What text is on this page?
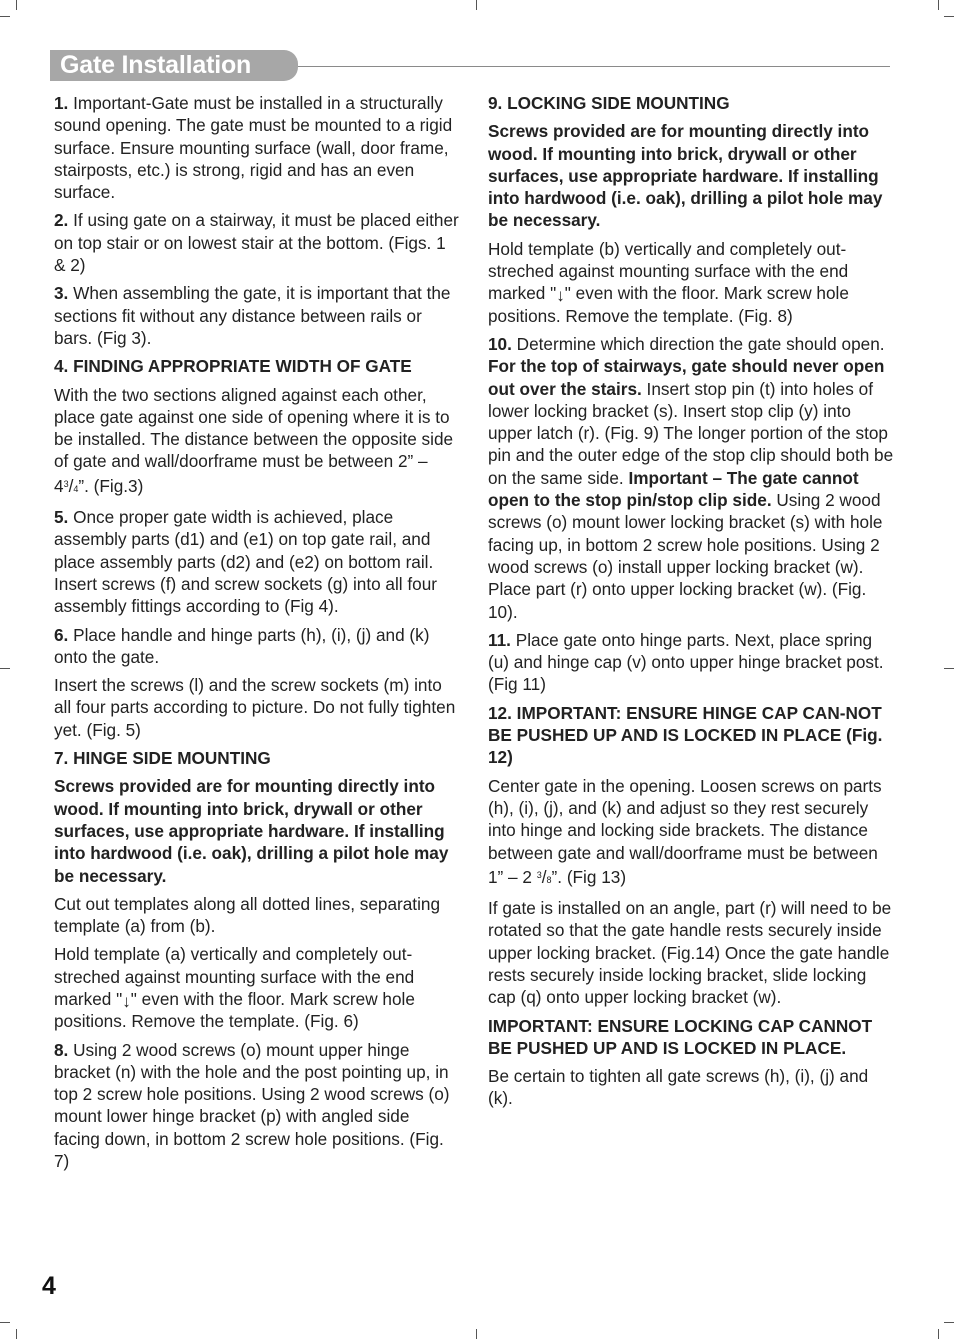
Gate Installation

1. Important-Gate must be installed in a structurally sound opening. The gate must be mounted to a rigid surface. Ensure mounting surface (wall, door frame, stairposts, etc.) is strong, rigid and has an even surface.

2. If using gate on a stairway, it must be placed either on top stair or on lowest stair at the bottom. (Figs. 1 & 2)

3. When assembling the gate, it is important that the sections fit without any distance between rails or bars. (Fig 3).

4. FINDING APPROPRIATE WIDTH OF GATE

With the two sections aligned against each other, place gate against one side of opening where it is to be installed. The distance between the opposite side of gate and wall/doorframe must be between 2” – $4^3/4$”. (Fig.3)

5. Once proper gate width is achieved, place assembly parts (d1) and (e1) on top gate rail, and place assembly parts (d2) and (e2) on bottom rail. Insert screws (f) and screw sockets (g) into all four assembly fittings according to (Fig 4).

6. Place handle and hinge parts (h), (i), (j) and (k) onto the gate.

Insert the screws (l) and the screw sockets (m) into all four parts according to picture. Do not fully tighten yet. (Fig. 5)

7. HINGE SIDE MOUNTING

Screws provided are for mounting directly into wood. If mounting into brick, drywall or other surfaces, use appropriate hardware. If installing into hardwood (i.e. oak), drilling a pilot hole may be necessary.

Cut out templates along all dotted lines, separating template (a) from (b).

Hold template (a) vertically and completely out-streched against mounting surface with the end marked "↓" even with the floor. Mark screw hole positions. Remove the template. (Fig. 6)

8. Using 2 wood screws (o) mount upper hinge bracket (n) with the hole and the post pointing up, in top 2 screw hole positions. Using 2 wood screws (o) mount lower hinge bracket (p) with angled side facing down, in bottom 2 screw hole positions. (Fig. 7)

9. LOCKING SIDE MOUNTING

Screws provided are for mounting directly into wood. If mounting into brick, drywall or other surfaces, use appropriate hardware. If installing into hardwood (i.e. oak), drilling a pilot hole may be necessary.

Hold template (b) vertically and completely out-streched against mounting surface with the end marked "↓" even with the floor. Mark screw hole positions. Remove the template. (Fig. 8)

10. Determine which direction the gate should open. For the top of stairways, gate should never open out over the stairs. Insert stop pin (t) into holes of lower locking bracket (s). Insert stop clip (y) into upper latch (r). (Fig. 9) The longer portion of the stop pin and the outer edge of the stop clip should both be on the same side. Important – The gate cannot open to the stop pin/stop clip side. Using 2 wood screws (o) mount lower locking bracket (s) with hole facing up, in bottom 2 screw hole positions. Using 2 wood screws (o) install upper locking bracket (w). Place part (r) onto upper locking bracket (w). (Fig. 10).

11. Place gate onto hinge parts. Next, place spring (u) and hinge cap (v) onto upper hinge bracket post. (Fig 11)

12. IMPORTANT: ENSURE HINGE CAP CAN-NOT BE PUSHED UP AND IS LOCKED IN PLACE (Fig. 12)

Center gate in the opening. Loosen screws on parts (h), (i), (j), and (k) and adjust so they rest securely into hinge and locking side brackets. The distance between gate and wall/doorframe must be between 1” – 2 $^3$/8”. (Fig 13)

If gate is installed on an angle, part (r) will need to be rotated so that the gate handle rests securely inside upper locking bracket. (Fig.14) Once the gate handle rests securely inside locking bracket, slide locking cap (q) onto upper locking bracket (w).

IMPORTANT: ENSURE LOCKING CAP CANNOT BE PUSHED UP AND IS LOCKED IN PLACE.

Be certain to tighten all gate screws (h), (i), (j) and (k).

4
